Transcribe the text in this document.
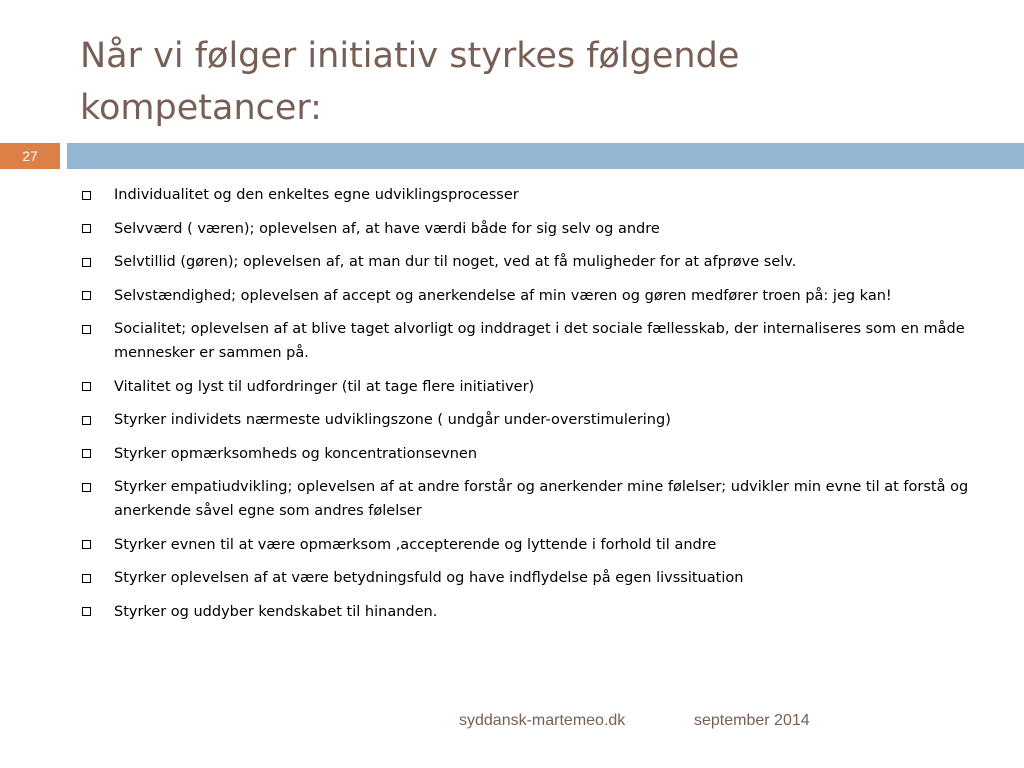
Når vi følger initiativ styrkes følgende kompetancer:
27
Individualitet og den enkeltes egne udviklingsprocesser
Selvværd ( væren); oplevelsen af, at have værdi både for sig selv og andre
Selvtillid (gøren); oplevelsen af, at man dur til noget, ved at få muligheder for at afprøve selv.
Selvstændighed; oplevelsen af accept og anerkendelse af min væren og gøren medfører troen på: jeg kan!
Socialitet; oplevelsen af at blive taget alvorligt og inddraget i det sociale fællesskab, der internaliseres som en måde mennesker er sammen på.
Vitalitet og lyst til udfordringer (til at tage flere initiativer)
Styrker individets nærmeste udviklingszone ( undgår under-overstimulering)
Styrker opmærksomheds og koncentrationsevnen
Styrker empatiudvikling; oplevelsen af at andre forstår og anerkender mine følelser; udvikler min evne til at forstå og anerkende såvel egne som andres følelser
Styrker evnen til at være opmærksom ,accepterende og lyttende i forhold til andre
Styrker oplevelsen af at være betydningsfuld og have indflydelse på egen livssituation
Styrker og uddyber kendskabet til hinanden.
syddansk-martemeo.dk	september 2014
